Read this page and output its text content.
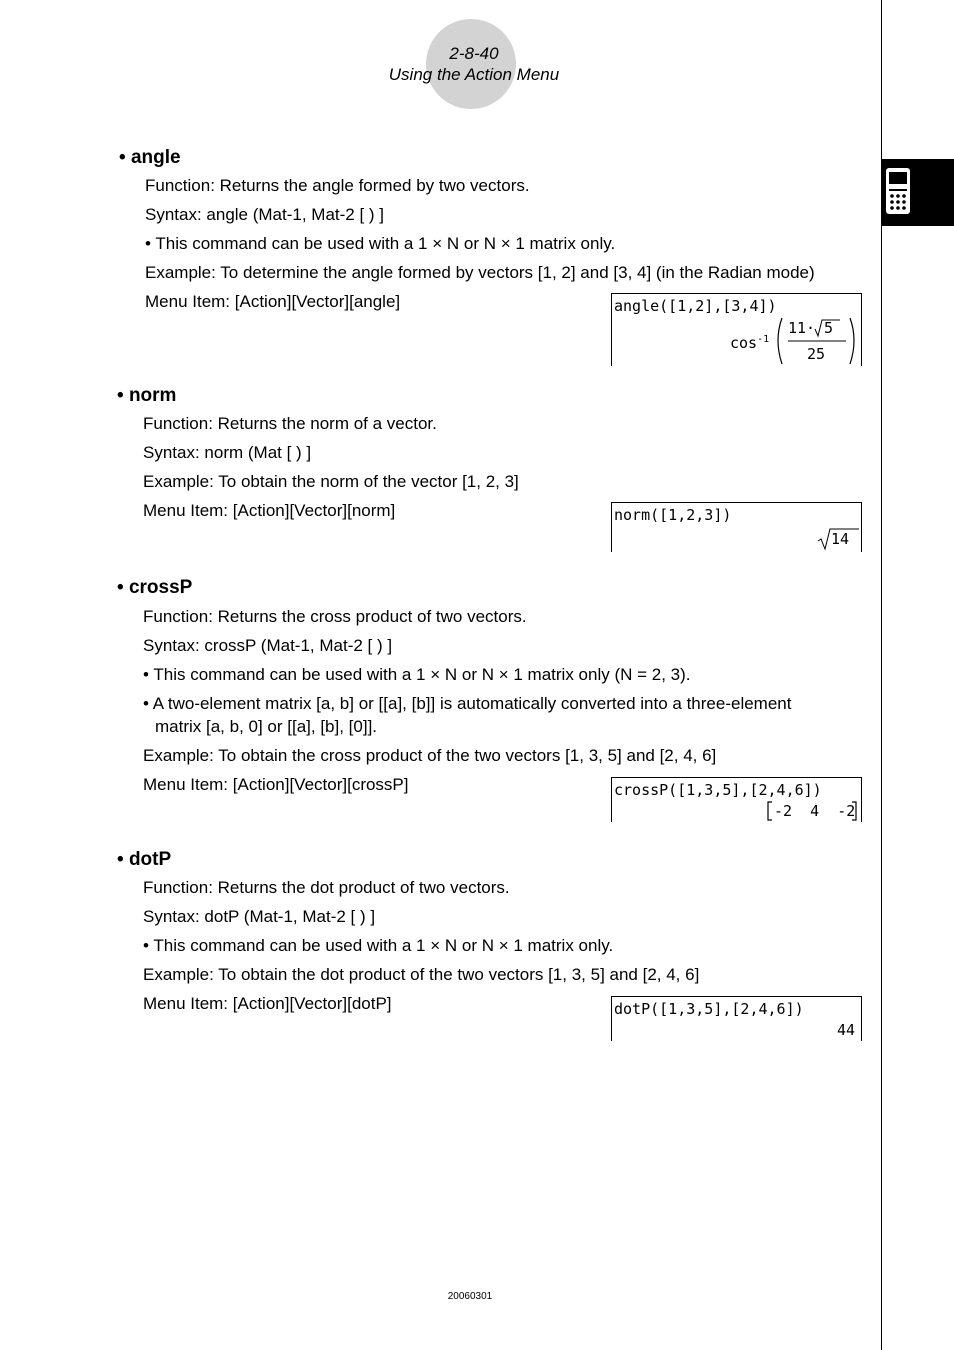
2-8-40
Using the Action Menu
• angle
Function: Returns the angle formed by two vectors.
Syntax: angle (Mat-1, Mat-2 [ ) ]
• This command can be used with a 1 × N or N × 1 matrix only.
Example: To determine the angle formed by vectors [1, 2] and [3, 4] (in the Radian mode)
Menu Item: [Action][Vector][angle]	angle([1,2],[3,4])
$\cos^{-1}$
11· 5
25
• norm
Function: Returns the norm of a vector.
Syntax: norm (Mat [ ) ]
Example: To obtain the norm of the vector [1, 2, 3]
Menu Item: [Action][Vector][norm]	norm([1,2,3])
14
• crossP
Function: Returns the cross product of two vectors.
Syntax: crossP (Mat-1, Mat-2 [ ) ]
• This command can be used with a 1 × N or N × 1 matrix only (N = 2, 3).
• A two-element matrix [a, b] or [[a], [b]] is automatically converted into a three-element
matrix [a, b, 0] or [[a], [b], [0]].
Example: To obtain the cross product of the two vectors [1, 3, 5] and [2, 4, 6]
Menu Item: [Action][Vector][crossP]	crossP([1,3,5],[2,4,6])
-2  4  -2
• dotP
Function: Returns the dot product of two vectors.
Syntax: dotP (Mat-1, Mat-2 [ ) ]
• This command can be used with a 1 × N or N × 1 matrix only.
Example: To obtain the dot product of the two vectors [1, 3, 5] and [2, 4, 6]
Menu Item: [Action][Vector][dotP]	dotP([1,3,5],[2,4,6])
44
20060301
